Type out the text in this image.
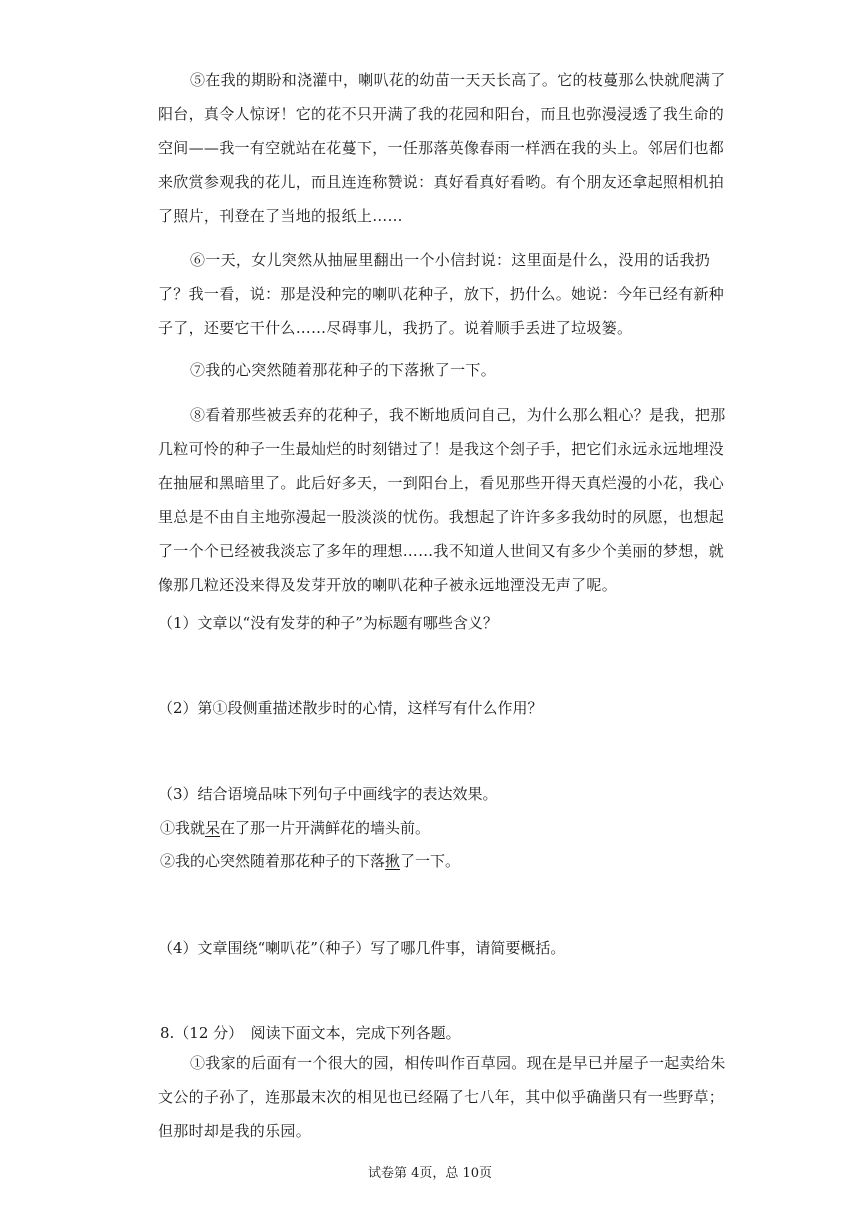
⑤在我的期盼和浇灌中，喇叭花的幼苗一天天长高了。它的枝蔓那么快就爬满了
阳台，真令人惊讶！它的花不只开满了我的花园和阳台，而且也弥漫浸透了我生命的
空间——我一有空就站在花蔓下，一任那落英像春雨一样洒在我的头上。邻居们也都
来欣赏参观我的花儿，而且连连称赞说：真好看真好看哟。有个朋友还拿起照相机拍
了照片，刊登在了当地的报纸上……
⑥一天，女儿突然从抽屉里翻出一个小信封说：这里面是什么，没用的话我扔
了？我一看，说：那是没种完的喇叭花种子，放下，扔什么。她说：今年已经有新种
子了，还要它干什么……尽碍事儿，我扔了。说着顺手丢进了垃圾篓。
⑦我的心突然随着那花种子的下落揪了一下。
⑧看着那些被丢弃的花种子，我不断地质问自己，为什么那么粗心？是我，把那
几粒可怜的种子一生最灿烂的时刻错过了！是我这个刽子手，把它们永远永远地埋没
在抽屉和黑暗里了。此后好多天，一到阳台上，看见那些开得天真烂漫的小花，我心
里总是不由自主地弥漫起一股淡淡的忧伤。我想起了许许多多我幼时的夙愿，也想起
了一个个已经被我淡忘了多年的理想……我不知道人世间又有多少个美丽的梦想，就
像那几粒还没来得及发芽开放的喇叭花种子被永远地湮没无声了呢。

（1）文章以“没有发芽的种子”为标题有哪些含义？

（2）第①段侧重描述散步时的心情，这样写有什么作用？

（3）结合语境品味下列句子中画线字的表达效果。

①我就呆在了那一片开满鲜花的墙头前。

②我的心突然随着那花种子的下落揪了一下。

（4）文章围绕“喇叭花”（种子）写了哪几件事，请简要概括。

8.（12 分）　阅读下面文本，完成下列各题。

①我家的后面有一个很大的园，相传叫作百草园。现在是早已并屋子一起卖给朱
文公的子孙了，连那最末次的相见也已经隔了七八年，其中似乎确凿只有一些野草；
但那时却是我的乐园。
试卷第 4页，总 10页
